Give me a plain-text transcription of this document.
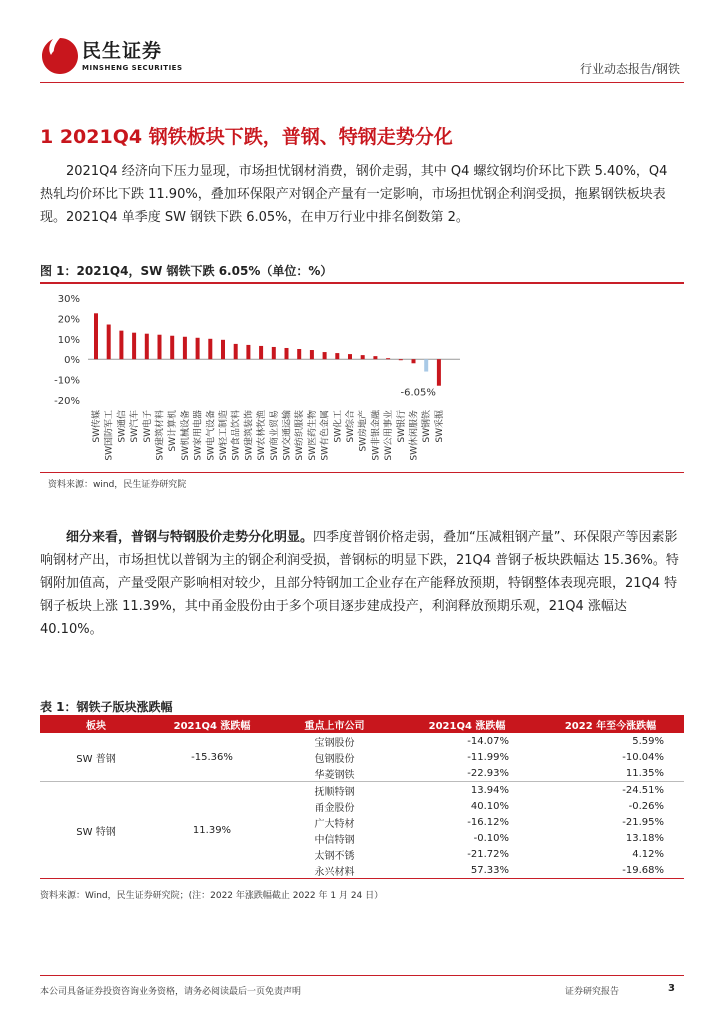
民生证券
MINSHENG SECURITIES	行业动态报告/钢铁
1 2021Q4 钢铁板块下跌，普钢、特钢走势分化
2021Q4 经济向下压力显现，市场担忧钢材消费，钢价走弱，其中 Q4 螺纹钢均价环比下跌 5.40%，Q4 热轧均价环比下跌 11.90%，叠加环保限产对钢企产量有一定影响，市场担忧钢企利润受损，拖累钢铁板块表现。2021Q4 单季度 SW 钢铁下跌 6.05%，在申万行业中排名倒数第 2。
图 1：2021Q4，SW 钢铁下跌 6.05%（单位：%）
30%
20%
10%
0%
-10%
-20%
SW传媒 SW国防军工 SW通信 SW汽车 SW电子 SW建筑材料 SW计算机 SW机械设备 SW家用电器 SW电气设备 SW轻工制造 SW食品饮料 SW建筑装饰 SW农林牧渔 SW商业贸易 SW交通运输 SW纺织服装 SW医药生物 SW有色金属 SW化工 SW综合 SW房地产 SW非银金融 SW公用事业 SW银行 SW休闲服务 SW钢铁
-6.05%
SW采掘
资料来源：wind，民生证券研究院
细分来看，普钢与特钢股价走势分化明显。四季度普钢价格走弱，叠加“压减粗钢产量”、环保限产等因素影响钢材产出，市场担忧以普钢为主的钢企利润受损，普钢标的明显下跌，21Q4 普钢子板块跌幅达 15.36%。特钢附加值高，产量受限产影响相对较少，且部分特钢加工企业存在产能释放预期，特钢整体表现亮眼，21Q4 特钢子板块上涨 11.39%，其中甬金股份由于多个项目逐步建成投产，利润释放预期乐观，21Q4 涨幅达 40.10%。
表 1：钢铁子版块涨跌幅
板块	2021Q4 涨跌幅	重点上市公司	2021Q4 涨跌幅	2022 年至今涨跌幅
SW 普钢	-15.36%	宝钢股份	-14.07%	5.59%
		包钢股份	-11.99%	-10.04%
		华菱钢铁	-22.93%	11.35%
SW 特钢	11.39%	抚顺特钢	13.94%	-24.51%
		甬金股份	40.10%	-0.26%
		广大特材	-16.12%	-21.95%
		中信特钢	-0.10%	13.18%
		太钢不锈	-21.72%	4.12%
		永兴材料	57.33%	-19.68%
资料来源：Wind，民生证券研究院；(注：2022 年涨跌幅截止 2022 年 1 月 24 日）
本公司具备证券投资咨询业务资格，请务必阅读最后一页免责声明	证券研究报告	3
